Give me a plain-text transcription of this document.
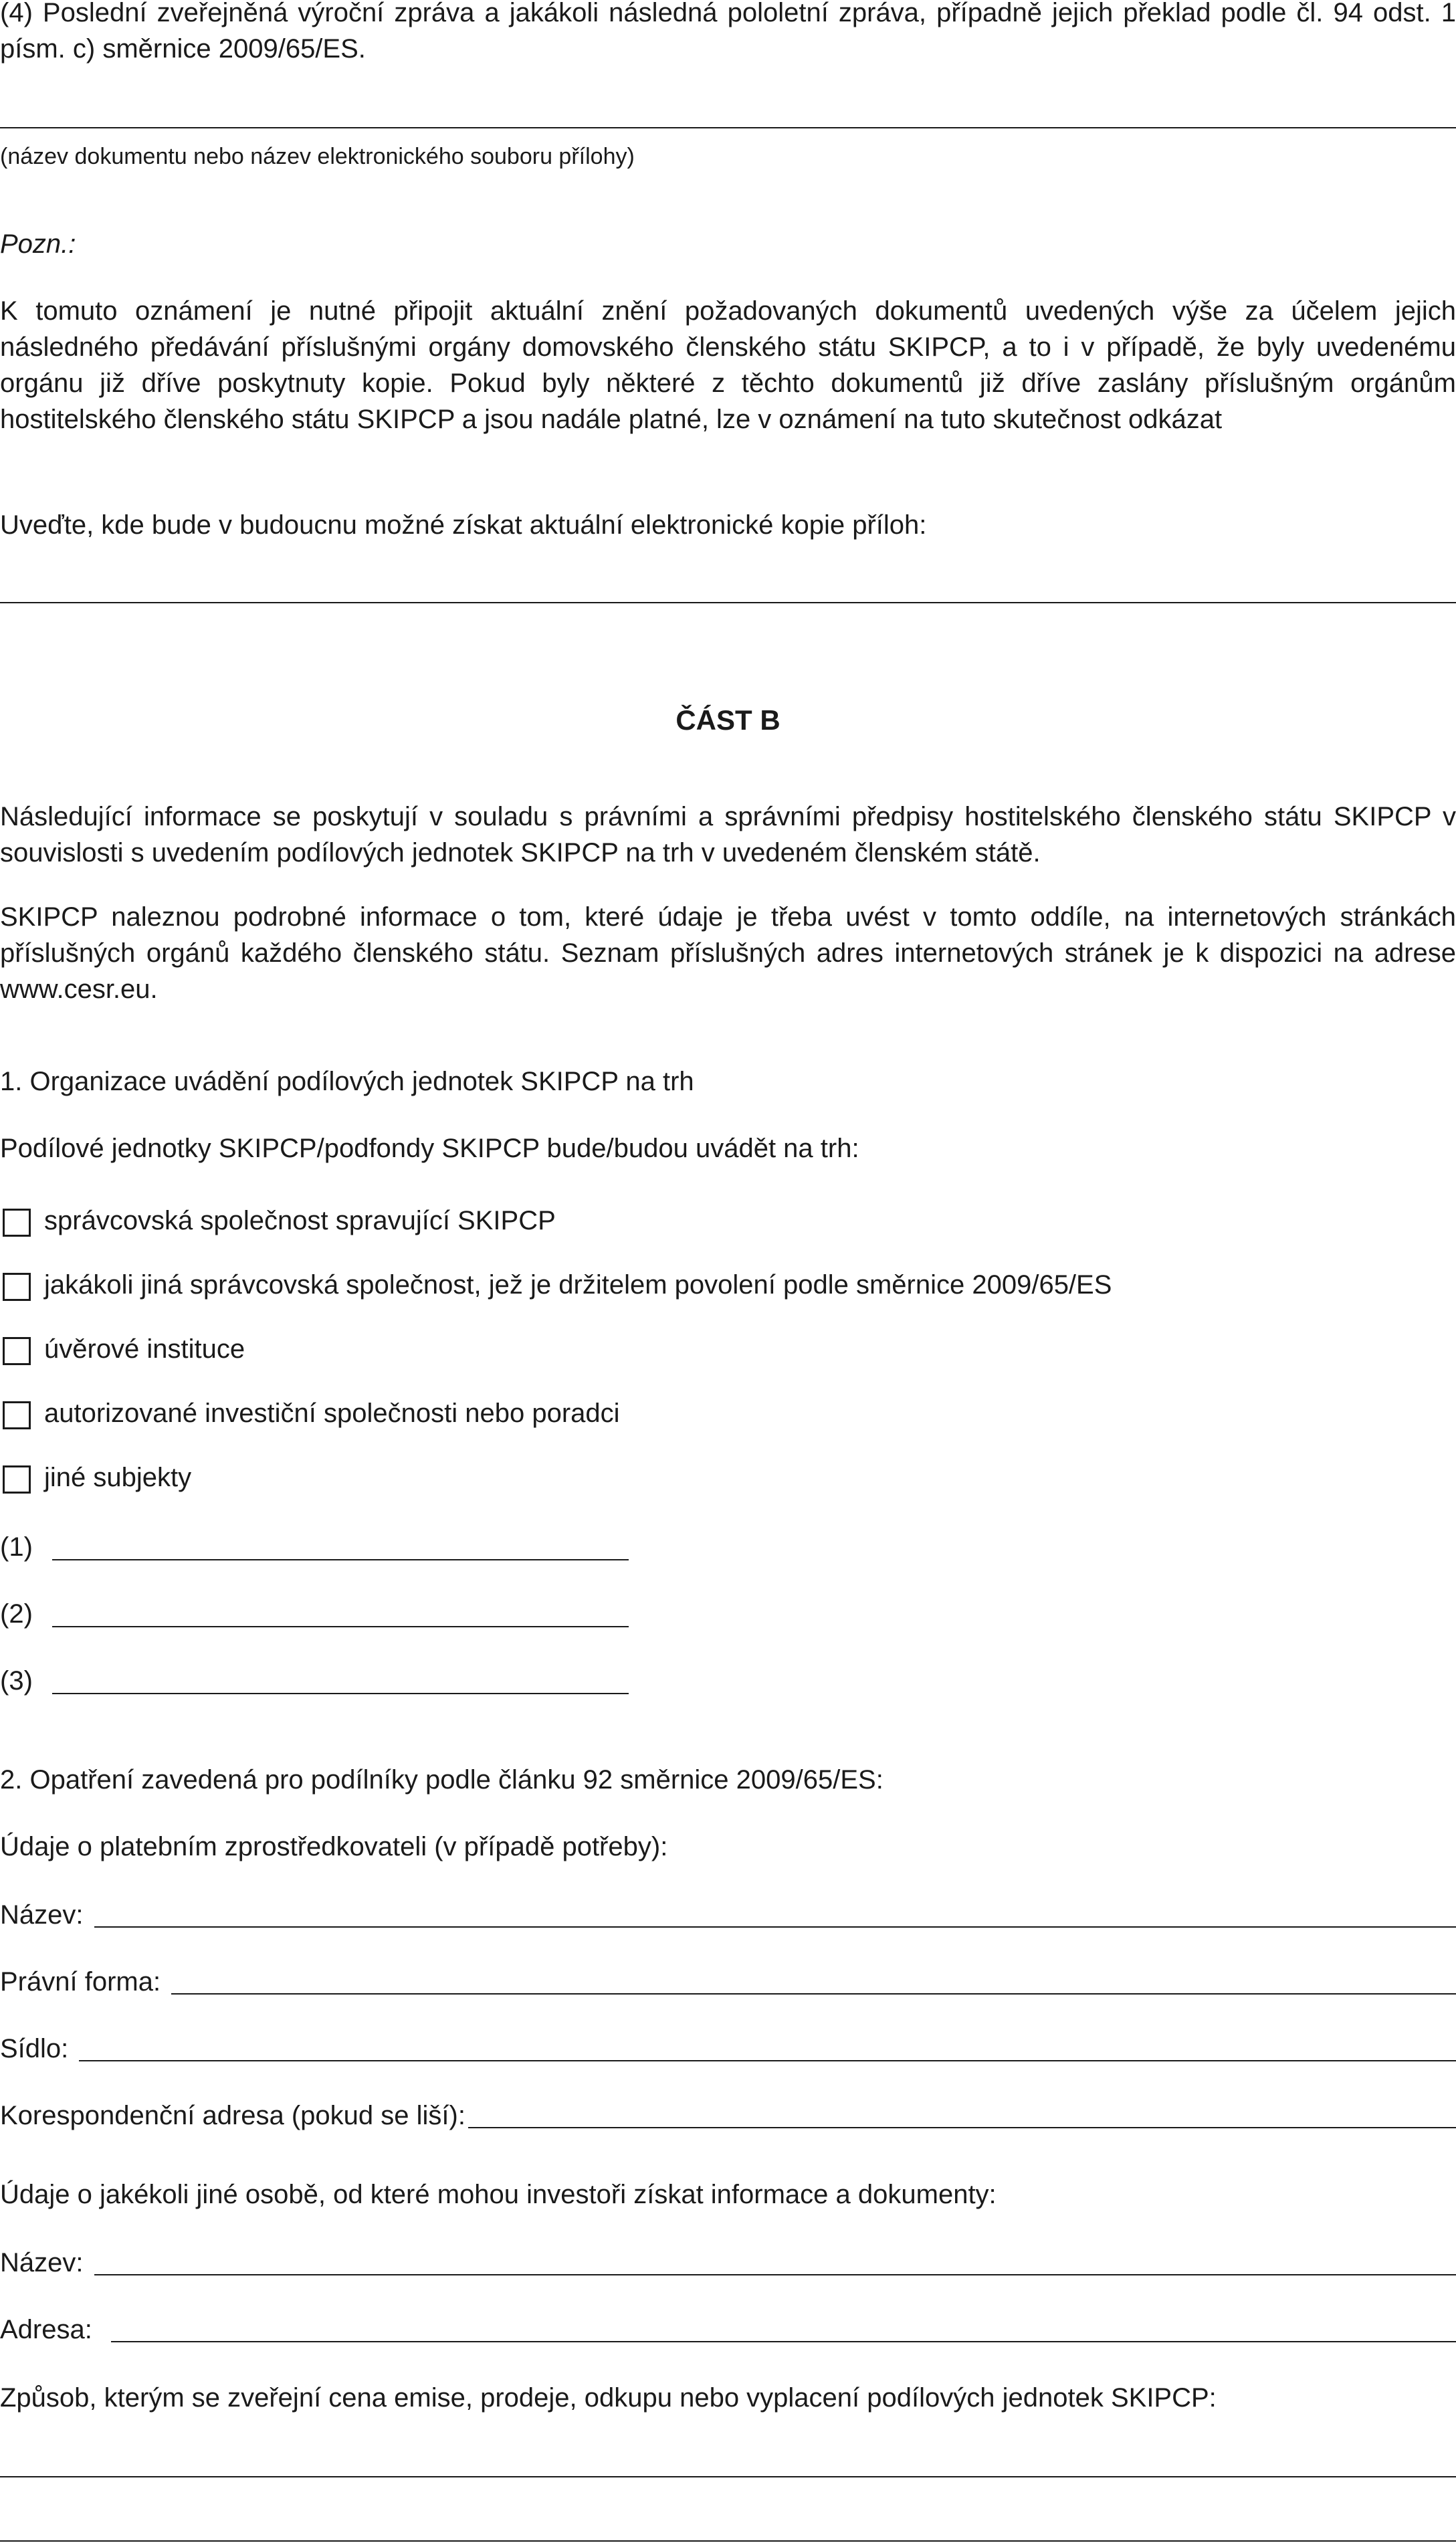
(4) Poslední zveřejněná výroční zpráva a jakákoli následná pololetní zpráva, případně jejich překlad podle čl. 94 odst. 1 písm. c) směrnice 2009/65/ES.
(název dokumentu nebo název elektronického souboru přílohy)
Pozn.:
K tomuto oznámení je nutné připojit aktuální znění požadovaných dokumentů uvedených výše za účelem jejich následného předávání příslušnými orgány domovského členského státu SKIPCP, a to i v případě, že byly uvedenému orgánu již dříve poskytnuty kopie. Pokud byly některé z těchto dokumentů již dříve zaslány příslušným orgánům hostitelského členského státu SKIPCP a jsou nadále platné, lze v oznámení na tuto skutečnost odkázat
Uveďte, kde bude v budoucnu možné získat aktuální elektronické kopie příloh:
ČÁST B
Následující informace se poskytují v souladu s právními a správními předpisy hostitelského členského státu SKIPCP v souvislosti s uvedením podílových jednotek SKIPCP na trh v uvedeném členském státě.
SKIPCP naleznou podrobné informace o tom, které údaje je třeba uvést v tomto oddíle, na internetových stránkách příslušných orgánů každého členského státu. Seznam příslušných adres internetových stránek je k dispozici na adrese www.cesr.eu.
1. Organizace uvádění podílových jednotek SKIPCP na trh
Podílové jednotky SKIPCP/podfondy SKIPCP bude/budou uvádět na trh:
správcovská společnost spravující SKIPCP
jakákoli jiná správcovská společnost, jež je držitelem povolení podle směrnice 2009/65/ES
úvěrové instituce
autorizované investiční společnosti nebo poradci
jiné subjekty
(1)
(2)
(3)
2. Opatření zavedená pro podílníky podle článku 92 směrnice 2009/65/ES:
Údaje o platebním zprostředkovateli (v případě potřeby):
Název:
Právní forma:
Sídlo:
Korespondenční adresa (pokud se liší):
Údaje o jakékoli jiné osobě, od které mohou investoři získat informace a dokumenty:
Název:
Adresa:
Způsob, kterým se zveřejní cena emise, prodeje, odkupu nebo vyplacení podílových jednotek SKIPCP:
